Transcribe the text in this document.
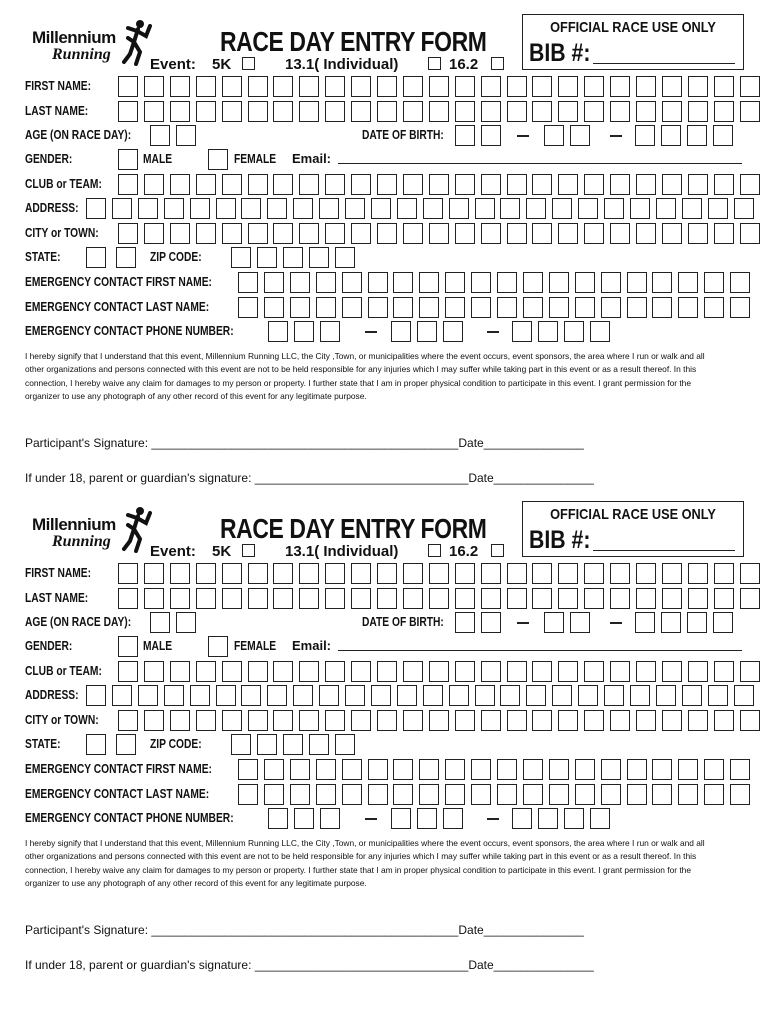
Millennium
Running	RACE DAY ENTRY FORM	OFFICIAL RACE USE ONLY
BIB #:
Event: 5K	13.1( Individual)	16.2
FIRST NAME:
LAST NAME:
AGE (ON RACE DAY):	DATE OF BIRTH:
GENDER:	MALE	FEMALE Email:
CLUB or TEAM:
ADDRESS:
CITY or TOWN:
STATE:	ZIP CODE:
EMERGENCY CONTACT FIRST NAME:
EMERGENCY CONTACT LAST NAME:
EMERGENCY CONTACT PHONE NUMBER:
I hereby signify that I understand that this event, Millennium Running LLC, the City ,Town, or municipalities where the event occurs, event sponsors, the area where I run or walk and all other organizations and persons connected with this event are not to be held responsible for any injuries which I may suffer while taking part in this event or as a result thereof. In this connection, I hereby waive any claim for damages to my person or property. I further state that I am in proper physical condition to participate in this event. I grant permission for the organizer to use any photograph of any other record of this event for any legitimate purpose.
Participant's Signature: ______________________________________________Date_______________
If under 18, parent or guardian's signature: ________________________________Date_______________
Millennium
Running	RACE DAY ENTRY FORM	OFFICIAL RACE USE ONLY
BIB #:
Event: 5K	13.1( Individual)	16.2
FIRST NAME:
LAST NAME:
AGE (ON RACE DAY):	DATE OF BIRTH:
GENDER:	MALE	FEMALE Email:
CLUB or TEAM:
ADDRESS:
CITY or TOWN:
STATE:	ZIP CODE:
EMERGENCY CONTACT FIRST NAME:
EMERGENCY CONTACT LAST NAME:
EMERGENCY CONTACT PHONE NUMBER:
I hereby signify that I understand that this event, Millennium Running LLC, the City ,Town, or municipalities where the event occurs, event sponsors, the area where I run or walk and all other organizations and persons connected with this event are not to be held responsible for any injuries which I may suffer while taking part in this event or as a result thereof. In this connection, I hereby waive any claim for damages to my person or property. I further state that I am in proper physical condition to participate in this event. I grant permission for the organizer to use any photograph of any other record of this event for any legitimate purpose.
Participant's Signature: ______________________________________________Date_______________
If under 18, parent or guardian's signature: ________________________________Date_______________
